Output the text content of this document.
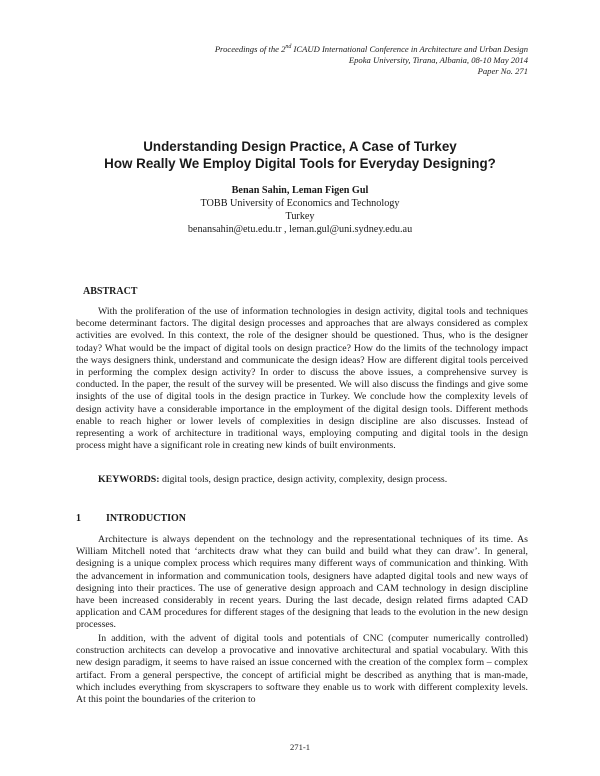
Proceedings of the 2nd ICAUD International Conference in Architecture and Urban Design
Epoka University, Tirana, Albania, 08-10 May 2014
Paper No. 271
Understanding Design Practice, A Case of Turkey
How Really We Employ Digital Tools for Everyday Designing?
Benan Sahin, Leman Figen Gul
TOBB University of Economics and Technology
Turkey
benansahin@etu.edu.tr , leman.gul@uni.sydney.edu.au
ABSTRACT
With the proliferation of the use of information technologies in design activity, digital tools and techniques become determinant factors. The digital design processes and approaches that are always considered as complex activities are evolved. In this context, the role of the designer should be questioned. Thus, who is the designer today? What would be the impact of digital tools on design practice? How do the limits of the technology impact the ways designers think, understand and communicate the design ideas? How are different digital tools perceived in performing the complex design activity? In order to discuss the above issues, a comprehensive survey is conducted. In the paper, the result of the survey will be presented. We will also discuss the findings and give some insights of the use of digital tools in the design practice in Turkey. We conclude how the complexity levels of design activity have a considerable importance in the employment of the digital design tools. Different methods enable to reach higher or lower levels of complexities in design discipline are also discusses. Instead of representing a work of architecture in traditional ways, employing computing and digital tools in the design process might have a significant role in creating new kinds of built environments.
KEYWORDS: digital tools, design practice, design activity, complexity, design process.
1	INTRODUCTION
Architecture is always dependent on the technology and the representational techniques of its time. As William Mitchell noted that ‘architects draw what they can build and build what they can draw’. In general, designing is a unique complex process which requires many different ways of communication and thinking. With the advancement in information and communication tools, designers have adapted digital tools and new ways of designing into their practices. The use of generative design approach and CAM technology in design discipline have been increased considerably in recent years. During the last decade, design related firms adapted CAD application and CAM procedures for different stages of the designing that leads to the evolution in the new design processes.
In addition, with the advent of digital tools and potentials of CNC (computer numerically controlled) construction architects can develop a provocative and innovative architectural and spatial vocabulary. With this new design paradigm, it seems to have raised an issue concerned with the creation of the complex form – complex artifact. From a general perspective, the concept of artificial might be described as anything that is man-made, which includes everything from skyscrapers to software they enable us to work with different complexity levels. At this point the boundaries of the criterion to
271-1
